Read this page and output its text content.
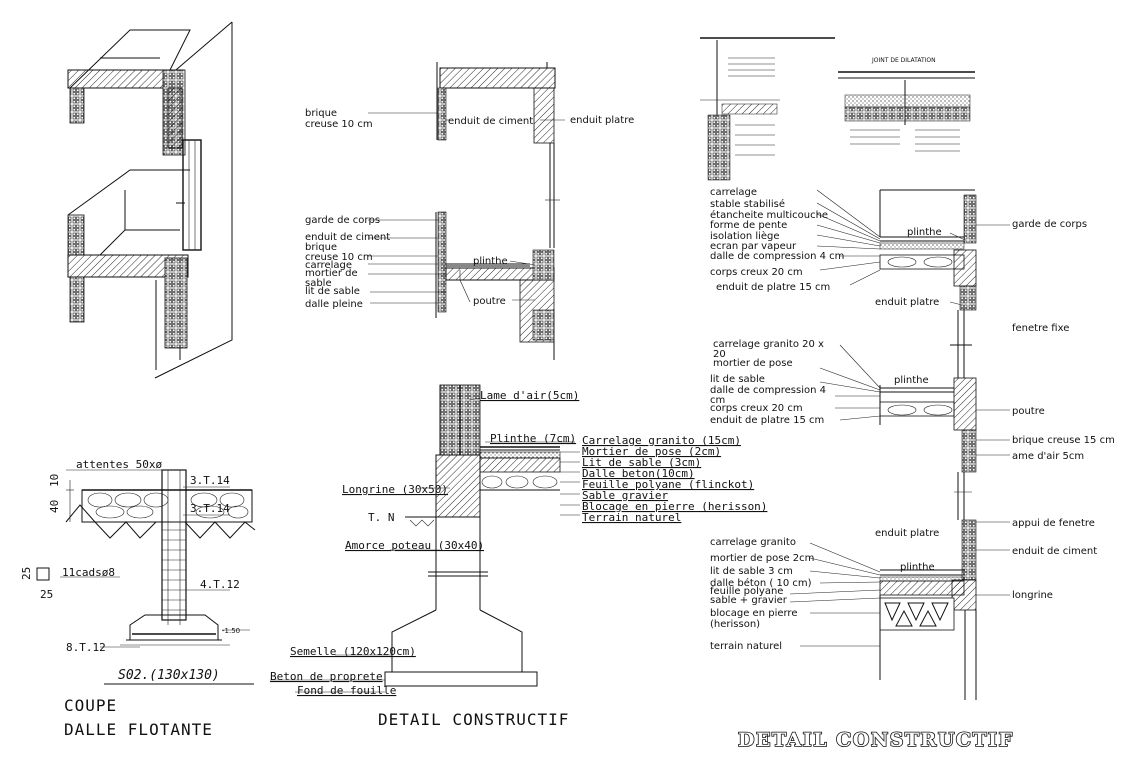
brique creuse 10 cm	enduit de ciment	enduit platre
garde de corps
enduit de ciment
brique creuse 10 cm
carrelage
mortier de sable
lit de sable
dalle pleine
plinthe
poutre
attentes 50xø
10
40
3.T.14
3.T.14
25
25
11cadsø8
4.T.12
8.T.12
-1.50
S02.(130x130)
COUPE
DALLE FLOTANTE
Lame d'air(5cm)
Plinthe (7cm) Carrelage granito (15cm)
Mortier de pose (2cm)
Lit de sable (3cm)
Dalle beton(10cm)
Feuille polyane (flinckot)
Sable gravier
Blocage en pierre (herisson)
Terrain naturel
Longrine (30x50)
T. N
Amorce poteau (30x40)
Semelle (120x120cm)
Beton de proprete
Fond de fouille
DETAIL CONSTRUCTIF
JOINT DE DILATATION
carrelage
stable stabilisé
étancheite multicouche
forme de pente
isolation liège
ecran par vapeur
dalle de compression 4 cm
corps creux 20 cm
enduit de platre 15 cm
plinthe
garde de corps
enduit platre
fenetre fixe
carrelage granito 20 x 20
mortier de pose
lit de sable
dalle de compression 4 cm
corps creux 20 cm
enduit de platre 15 cm
plinthe
poutre
brique creuse 15 cm
ame d'air 5cm
appui de fenetre
enduit platre
enduit de ciment
carrelage granito
mortier de pose 2cm
lit de sable 3 cm
dalle béton ( 10 cm)
feuille polyane
sable + gravier
blocage en pierre (herisson)
terrain naturel
plinthe
longrine
DETAIL CONSTRUCTIF
